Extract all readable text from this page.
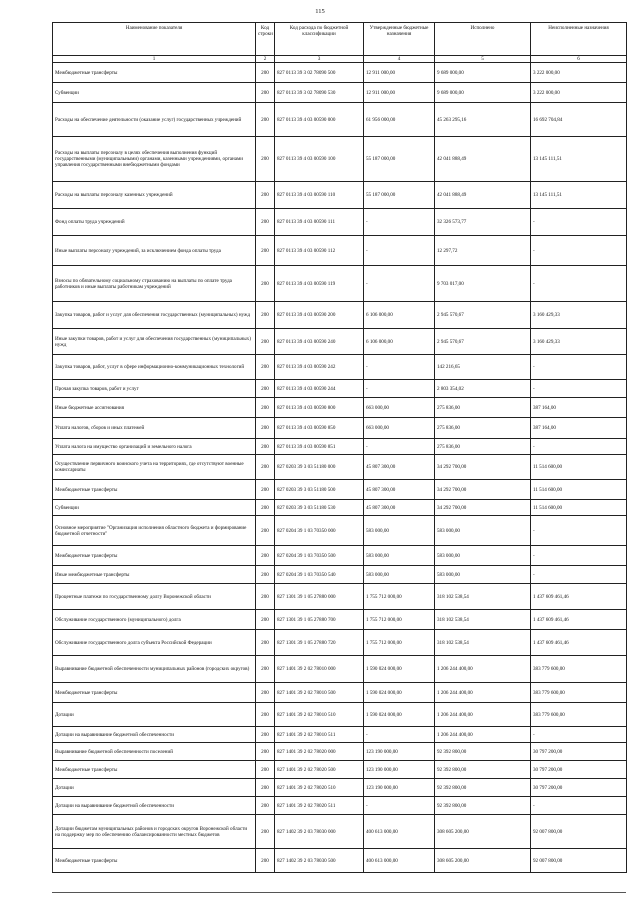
115
Наименование показателя	Код строки	Код расхода по бюджетной классификации	Утвержденные бюджетные назначения	Исполнено	Неисполненные назначения
1	2	3	4	5	6
Межбюджетные трансферты	200	827 0113 39 3 02 78090 500	12 911 000,00	9 689 000,00	3 222 000,00
Субвенции	200	827 0113 39 3 02 78090 530	12 911 000,00	9 689 000,00	3 222 000,00
Расходы на обеспечение деятельности (оказание услуг) государственных учреждений	200	827 0113 39 4 03 00590 000	61 956 000,00	45 263 295,16	16 692 704,84
Расходы на выплаты персоналу в целях обеспечения выполнения функций государственными (муниципальными) органами, казенными учреждениями, органами управления государственными внебюджетными фондами	200	827 0113 39 4 03 00590 100	55 187 000,00	42 041 888,49	13 145 111,51
Расходы на выплаты персоналу казенных учреждений	200	827 0113 39 4 03 00590 110	55 187 000,00	42 041 888,49	13 145 111,51
Фонд оплаты труда учреждений	200	827 0113 39 4 03 00590 111	-	32 326 573,77	-
Иные выплаты персоналу учреждений, за исключением фонда оплаты труда	200	827 0113 39 4 03 00590 112	-	12 297,72	-
Взносы по обязательному социальному страхованию на выплаты по оплате труда работников и иные выплаты работникам учреждений	200	827 0113 39 4 03 00590 119	-	9 703 017,00	-
Закупка товаров, работ и услуг для обеспечения государственных (муниципальных) нужд	200	827 0113 39 4 03 00590 200	6 106 000,00	2 945 570,67	3 160 429,33
Иные закупки товаров, работ и услуг для обеспечения государственных (муниципальных) нужд	200	827 0113 39 4 03 00590 240	6 106 000,00	2 945 570,67	3 160 429,33
Закупка товаров, работ, услуг в сфере информационно-коммуникационных технологий	200	827 0113 39 4 03 00590 242	-	142 216,65	-
Прочая закупка товаров, работ и услуг	200	827 0113 39 4 03 00590 244	-	2 803 354,02	-
Иные бюджетные ассигнования	200	827 0113 39 4 03 00590 800	663 000,00	275 836,00	387 164,00
Уплата налогов, сборов и иных платежей	200	827 0113 39 4 03 00590 850	663 000,00	275 836,00	387 164,00
Уплата налога на имущество организаций и земельного налога	200	827 0113 39 4 03 00590 851	-	275 836,00	-
Осуществление первичного воинского учета на территориях, где отсутствуют военные комиссариаты	200	827 0203 39 3 03 51180 000	45 807 300,00	34 292 700,00	11 514 600,00
Межбюджетные трансферты	200	827 0203 39 3 03 51180 500	45 807 300,00	34 292 700,00	11 514 600,00
Субвенции	200	827 0203 39 3 03 51180 530	45 807 300,00	34 292 700,00	11 514 600,00
Основное мероприятие "Организация исполнения областного бюджета и формирование бюджетной отчетности"	200	827 0204 39 1 03 70350 000	583 000,00	583 000,00	-
Межбюджетные трансферты	200	827 0204 39 1 03 70350 500	583 000,00	583 000,00	-
Иные межбюджетные трансферты	200	827 0204 39 1 03 70350 540	583 000,00	583 000,00	-
Процентные платежи по государственному долгу Воронежской области	200	827 1301 39 1 05 27880 000	1 755 712 000,00	318 102 538,54	1 437 609 461,46
Обслуживание государственного (муниципального) долга	200	827 1301 39 1 05 27880 700	1 755 712 000,00	318 102 538,54	1 437 609 461,46
Обслуживание государственного долга субъекта Российской Федерации	200	827 1301 39 1 05 27880 720	1 755 712 000,00	318 102 538,54	1 437 609 461,46
Выравнивание бюджетной обеспеченности муниципальных районов (городских округов)	200	827 1401 39 2 02 78010 000	1 590 024 000,00	1 206 244 400,00	383 779 600,00
Межбюджетные трансферты	200	827 1401 39 2 02 78010 500	1 590 024 000,00	1 206 244 400,00	383 779 600,00
Дотации	200	827 1401 39 2 02 78010 510	1 590 024 000,00	1 206 244 400,00	383 779 600,00
Дотации на выравнивание бюджетной обеспеченности	200	827 1401 39 2 02 78010 511	-	1 206 244 400,00	-
Выравнивание бюджетной обеспеченности поселений	200	827 1401 39 2 02 78020 000	123 190 000,00	92 392 800,00	30 797 200,00
Межбюджетные трансферты	200	827 1401 39 2 02 78020 500	123 190 000,00	92 392 800,00	30 797 200,00
Дотации	200	827 1401 39 2 02 78020 510	123 190 000,00	92 392 800,00	30 797 200,00
Дотации на выравнивание бюджетной обеспеченности	200	827 1401 39 2 02 78020 511	-	92 392 800,00	-
Дотации бюджетам муниципальных районов и городских округов Воронежской области на поддержку мер по обеспечению сбалансированности местных бюджетов	200	827 1402 39 2 03 78030 000	400 613 000,00	308 605 200,00	92 007 800,00
Межбюджетные трансферты	200	827 1402 39 2 03 78030 500	400 613 000,00	308 605 200,00	92 007 800,00
